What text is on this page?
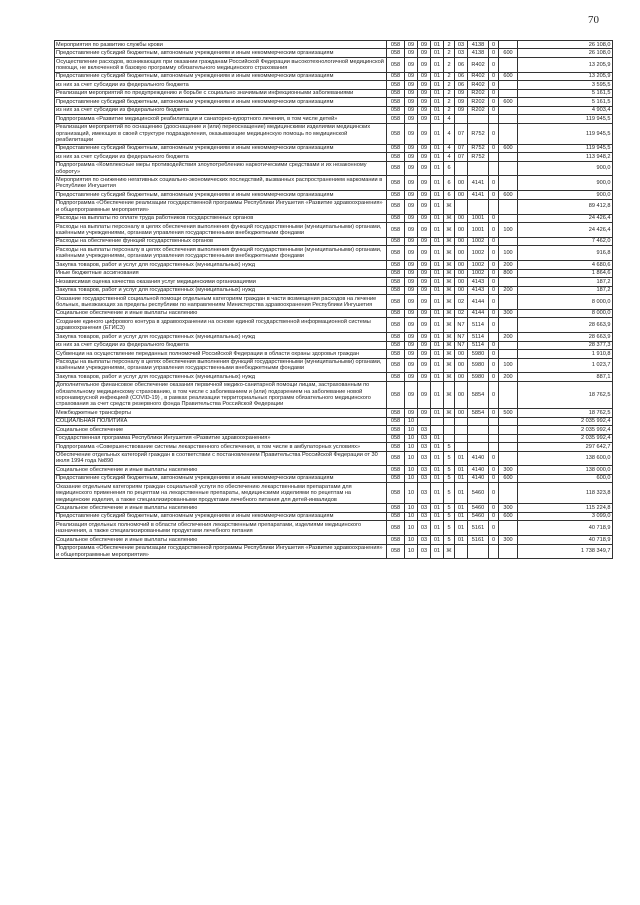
70
Мероприятия по развитию службы крови	058	09	09	01	2	03	4138	0		26 108,0
Предоставление субсидий бюджетным, автономным учреждениям и иным некоммерческим организациям	058	09	09	01	2	03	4138	0	600	26 108,0
Осуществление расходов, возникающих при оказании гражданам Российской Федерации высокотехнологичной медицинской помощи, не включенной в базовую программу обязательного медицинского страхования	058	09	09	01	2	06	R402	0		13 205,9
Предоставление субсидий бюджетным, автономным учреждениям и иным некоммерческим организациям	058	09	09	01	2	06	R402	0	600	13 205,9
из них за счет субсидии из федерального бюджета	058	09	09	01	2	06	R402	0		3 595,5
Реализация мероприятий по предупреждению и борьбе с социально значимыми инфекционными заболеваниями	058	09	09	01	2	09	R202	0		5 161,5
Предоставление субсидий бюджетным, автономным учреждениям и иным некоммерческим организациям	058	09	09	01	2	09	R202	0	600	5 161,5
из них за счет субсидии из федерального бюджета	058	09	09	01	2	09	R202	0		4 903,4
Подпрограмма «Развитие медицинской реабилитации и санаторно-курортного лечения, в том числе детей»	058	09	09	01	4					119 945,5
Реализация мероприятий по оснащению (дооснащение и (или) переоснащение) медицинскими изделиями медицинских организаций, имеющих в своей структуре подразделения, оказывающие медицинскую помощь по медицинской реабилитации	058	09	09	01	4	07	R752	0		119 945,5
Предоставление субсидий бюджетным, автономным учреждениям и иным некоммерческим организациям	058	09	09	01	4	07	R752	0	600	119 945,5
из них за счет субсидии из федерального бюджета	058	09	09	01	4	07	R752			113 948,2
Подпрограмма «Комплексные меры противодействия злоупотреблению наркотическими средствами и их незаконному обороту»	058	09	09	01	6					900,0
Мероприятия по снижению негативных социально-экономических последствий, вызванных распространением наркомании в Республике Ингушетия	058	09	09	01	6	00	4141	0		900,0
Предоставление субсидий бюджетным, автономным учреждениям и иным некоммерческим организациям	058	09	09	01	6	00	4141	0	600	900,0
Подпрограмма «Обеспечение реализации государственной программы Республики Ингушетия «Развитие здравоохранения» и общепрограммные мероприятия»	058	09	09	01	Ж					89 412,8
Расходы на выплаты по оплате труда работников государственных органов	058	09	09	01	Ж	00	1001	0		24 426,4
Расходы на выплаты персоналу в целях обеспечения выполнения функций государственными (муниципальными) органами, казёнными учреждениями, органами управления государственными внебюджетными фондами	058	09	09	01	Ж	00	1001	0	100	24 426,4
Расходы на обеспечение функций государственных органов	058	09	09	01	Ж	00	1002	0		7 462,0
Расходы на выплаты персоналу в целях обеспечения выполнения функций государственными (муниципальными) органами, казёнными учреждениями, органами управления государственными внебюджетными фондами	058	09	09	01	Ж	00	1002	0	100	916,8
Закупка товаров, работ и услуг для государственных (муниципальных) нужд	058	09	09	01	Ж	00	1002	0	200	4 680,6
Иные бюджетные ассигнования	058	09	09	01	Ж	00	1002	0	800	1 864,6
Независимая оценка качества оказания услуг медицинскими организациями	058	09	09	01	Ж	00	4143	0		187,2
Закупка товаров, работ и услуг для государственных (муниципальных) нужд	058	09	09	01	Ж	00	4143	0	200	187,2
Оказание государственной социальной помощи отдельным категориям граждан в части возмещения расходов на лечение больных, выезжающих за пределы республики по направлениям Министерства здравоохранения Республики Ингушетия	058	09	09	01	Ж	02	4144	0		8 000,0
Социальное обеспечение и иные выплаты населению	058	09	09	01	Ж	02	4144	0	300	8 000,0
Создание единого цифрового контура в здравоохранении на основе единой государственной информационной системы здравоохранения (ЕГИСЗ)	058	09	09	01	Ж	N7	5114	0		28 663,9
Закупка товаров, работ и услуг для государственных (муниципальных) нужд	058	09	09	01	Ж	N7	5114		200	28 663,9
из них за счет субсидии из федерального бюджета	058	09	09	01	Ж	N7	5114	0		28 377,3
Субвенции на осуществление переданных полномочий Российской Федерации в области охраны здоровья граждан	058	09	09	01	Ж	00	5980	0		1 910,8
Расходы на выплаты персоналу в целях обеспечения выполнения функций государственными (муниципальными) органами, казёнными учреждениями, органами управления государственными внебюджетными фондами	058	09	09	01	Ж	00	5980	0	100	1 023,7
Закупка товаров, работ и услуг для государственных (муниципальных) нужд	058	09	09	01	Ж	00	5980	0	200	887,1
Дополнительное финансовое обеспечение оказания первичной медико-санитарной помощи лицам, застрахованным по обязательному медицинскому страхованию, в том числе с заболеванием и (или) подозрением на заболевание новой коронавирусной инфекцией (COVID-19) , в рамках реализации территориальных программ обязательного медицинского страхования за счет средств резервного фонда Правительства Российской Федерации	058	09	09	01	Ж	00	5854	0		18 762,5
Межбюджетные трансферты	058	09	09	01	Ж	00	5854	0	500	18 762,5
СОЦИАЛЬНАЯ ПОЛИТИКА	058	10								2 035 992,4
Социальное обеспечение	058	10	03							2 035 992,4
Государственная программа Республики Ингушетия «Развитие здравоохранения»	058	10	03	01						2 035 992,4
Подпрограмма «Совершенствование системы лекарственного обеспечения, в том числе в амбулаторных условиях»	058	10	03	01	5					297 642,7
Обеспечение отдельных категорий граждан в соответствии с постановлением Правительства Российской Федерации от 30 июля 1994 года №890	058	10	03	01	5	01	4140	0		138 600,0
Социальное обеспечение и иные выплаты населению	058	10	03	01	5	01	4140	0	300	138 000,0
Предоставление субсидий бюджетным, автономным учреждениям и иным некоммерческим организациям	058	10	03	01	5	01	4140	0	600	600,0
Оказание отдельным категориям граждан социальной услуги по обеспечению лекарственными препаратами для медицинского применения по рецептам на лекарственные препараты, медицинскими изделиями по рецептам на медицинские изделия, а также специализированными продуктами лечебного питания для детей-инвалидов	058	10	03	01	5	01	5460	0		118 323,8
Социальное обеспечение и иные выплаты населению	058	10	03	01	5	01	5460	0	300	115 224,8
Предоставление субсидий бюджетным, автономным учреждениям и иным некоммерческим организациям	058	10	03	01	5	01	5460	0	600	3 099,0
Реализация отдельных полномочий в области обеспечения лекарственными препаратами, изделиями медицинского назначения, а также специализированными продуктами лечебного питания	058	10	03	01	5	01	5161	0		40 718,9
Социальное обеспечение и иные выплаты населению	058	10	03	01	5	01	5161	0	300	40 718,9
Подпрограмма «Обеспечение реализации государственной программы Республики Ингушетия «Развитие здравоохранения» и общепрограммные мероприятия»	058	10	03	01	Ж					1 738 349,7
